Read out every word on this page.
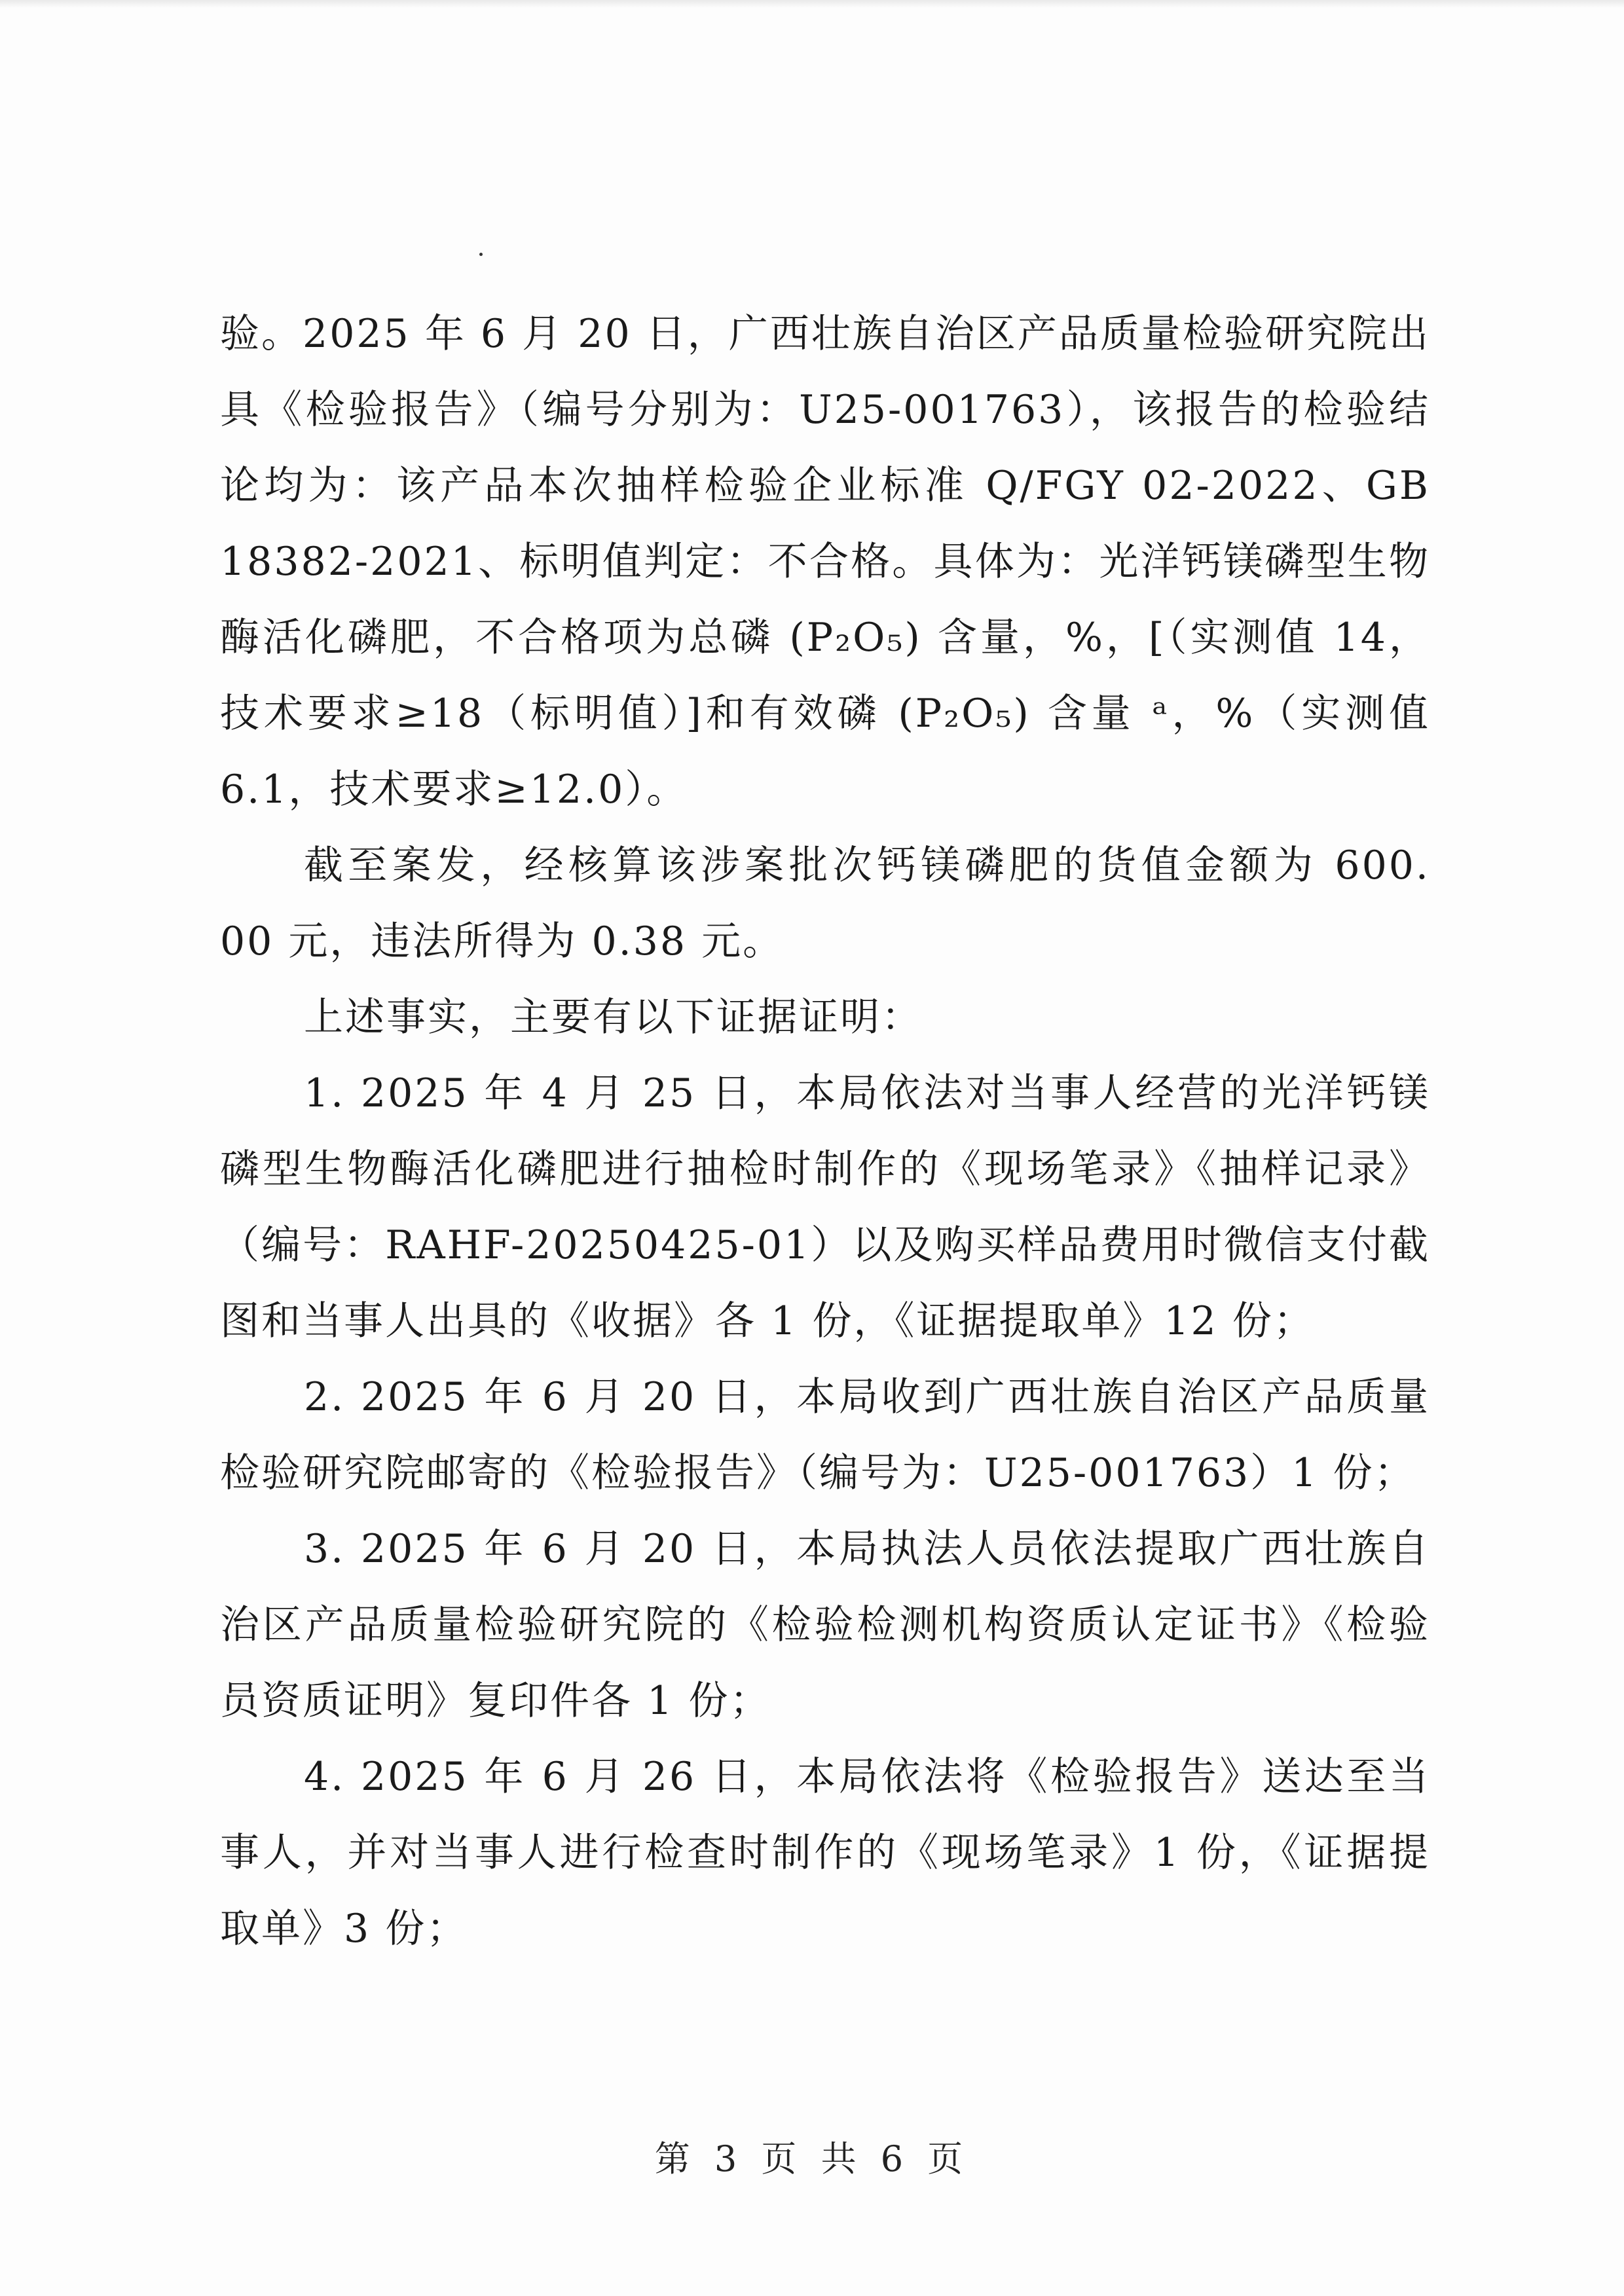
验。2025 年 6 月 20 日，广西壮族自治区产品质量检验研究院出具《检验报告》（编号分别为：U25-001763），该报告的检验结论均为：该产品本次抽样检验企业标准 Q/FGY 02-2022、GB 18382-2021、标明值判定：不合格。具体为：光洋钙镁磷型生物酶活化磷肥，不合格项为总磷 (P₂O₅) 含量，%，[（实测值 14，技术要求≥18（标明值）]和有效磷 (P₂O₅) 含量 ᵃ，%（实测值 6.1，技术要求≥12.0）。

截至案发，经核算该涉案批次钙镁磷肥的货值金额为 600. 00 元，违法所得为 0.38 元。

上述事实，主要有以下证据证明：

1. 2025 年 4 月 25 日，本局依法对当事人经营的光洋钙镁磷型生物酶活化磷肥进行抽检时制作的《现场笔录》《抽样记录》（编号：RAHF-20250425-01）以及购买样品费用时微信支付截图和当事人出具的《收据》各 1 份，《证据提取单》12 份；

2. 2025 年 6 月 20 日，本局收到广西壮族自治区产品质量检验研究院邮寄的《检验报告》（编号为：U25-001763）1 份；

3. 2025 年 6 月 20 日，本局执法人员依法提取广西壮族自治区产品质量检验研究院的《检验检测机构资质认定证书》《检验员资质证明》复印件各 1 份；

4. 2025 年 6 月 26 日，本局依法将《检验报告》送达至当事人，并对当事人进行检查时制作的《现场笔录》1 份，《证据提取单》3 份；

第 3 页 共 6 页
